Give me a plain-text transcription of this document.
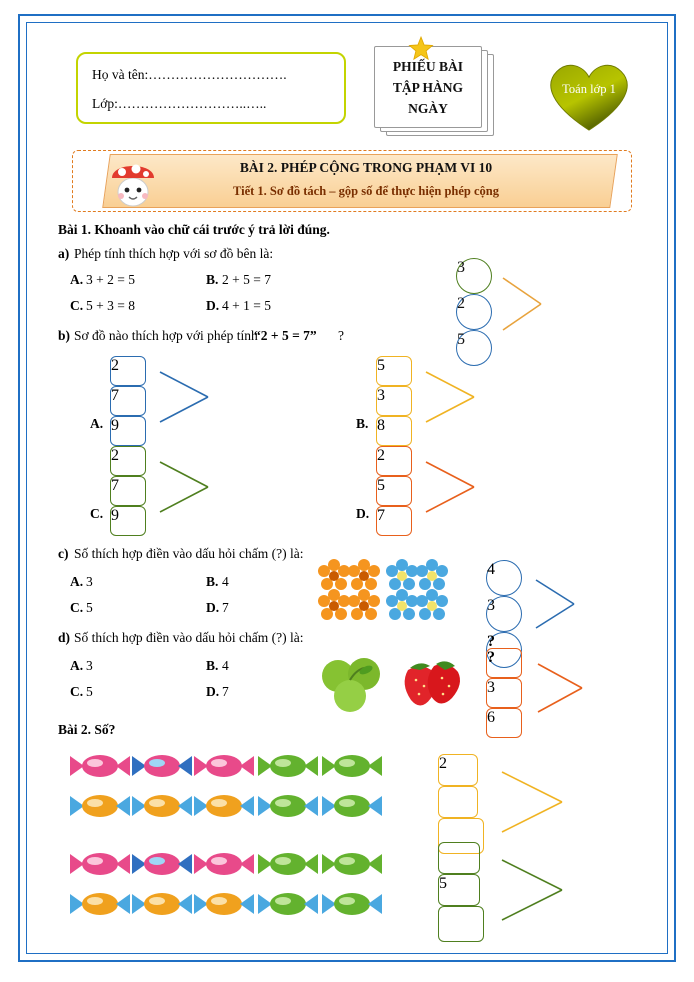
Họ và tên:………………………….
Lớp:………………………..…..
PHIẾU BÀI
TẬP HÀNG
NGÀY
Toán lớp 1
BÀI 2. PHÉP CỘNG TRONG PHẠM VI 10
Tiết 1. Sơ đồ tách – gộp số để thực hiện phép cộng
Bài 1. Khoanh vào chữ cái trước ý trả lời đúng.
a) Phép tính thích hợp với sơ đồ bên là:
A. 3 + 2 = 5	B. 2 + 5 = 7
C. 5 + 3 = 8	D. 4 + 1 = 5
3
2
5
b) Sơ đồ nào thích hợp với phép tính
“2 + 5 = 7” ?
2
7
9
A.
5
3
8
B.
2
7
9
C.
2
5
7
D.
c) Số thích hợp điền vào dấu hỏi chấm (?) là:
A. 3	B. 4
C. 5	D. 7
4
3
?
d) Số thích hợp điền vào dấu hỏi chấm (?) là:
A. 3	B. 4
C. 5	D. 7
?
3
6
Bài 2. Số?
2
5
